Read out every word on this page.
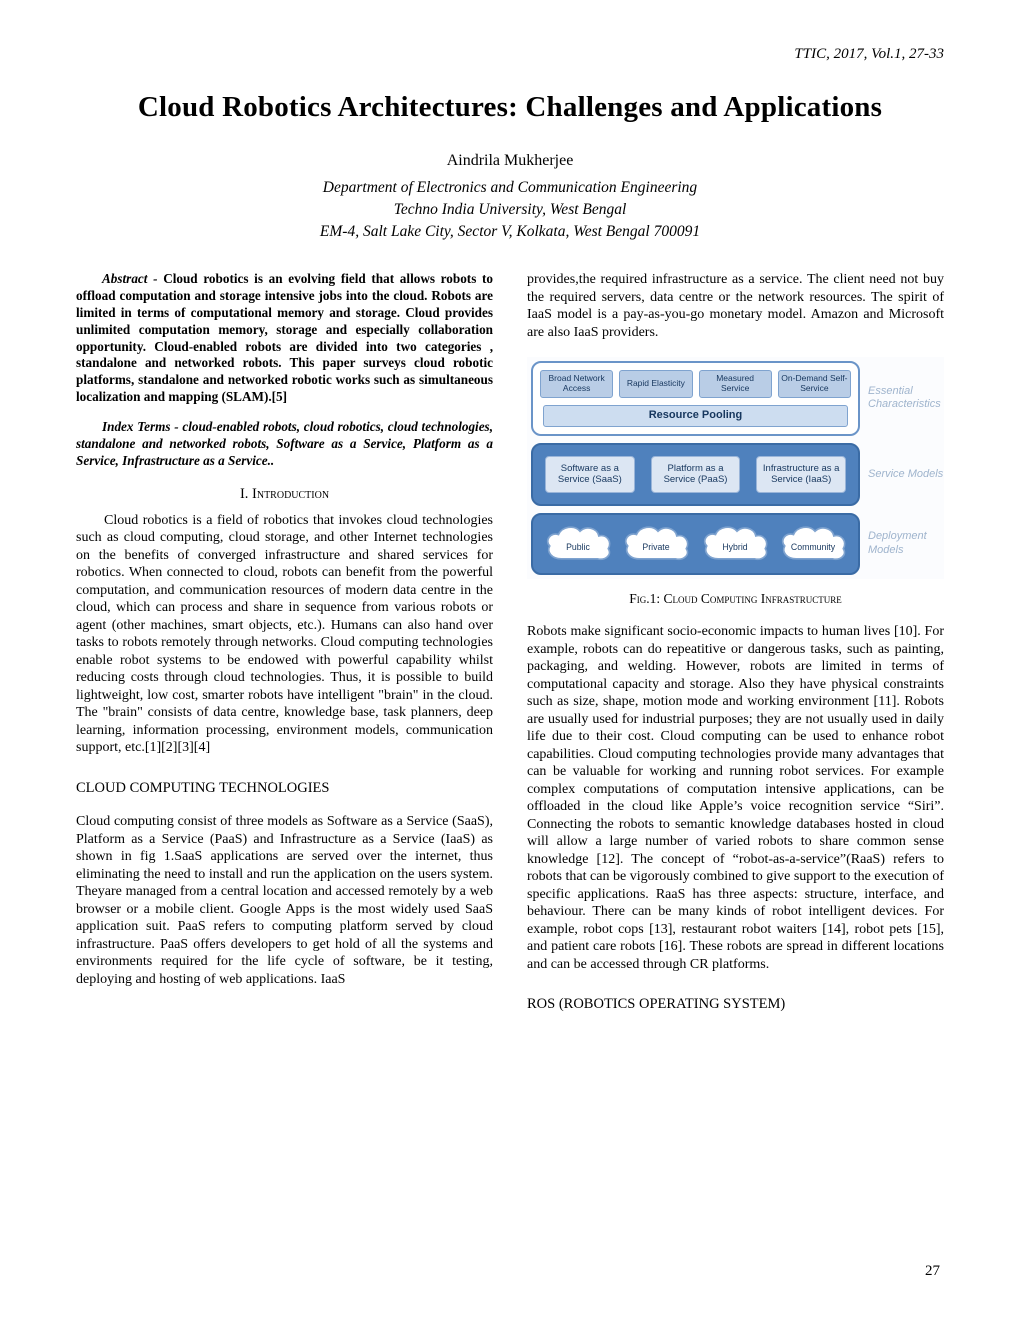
TTIC, 2017, Vol.1, 27-33
Cloud Robotics Architectures: Challenges and Applications
Aindrila Mukherjee
Department of Electronics and Communication Engineering
Techno India University, West Bengal
EM-4, Salt Lake City, Sector V, Kolkata, West Bengal 700091

Abstract - Cloud robotics is an evolving field that allows robots to offload computation and storage intensive jobs into the cloud. Robots are limited in terms of computational memory and storage. Cloud provides unlimited computation memory, storage and especially collaboration opportunity. Cloud-enabled robots are divided into two categories , standalone and networked robots. This paper surveys cloud robotic platforms, standalone and networked robotic works such as simultaneous localization and mapping (SLAM).[5]

Index Terms - cloud-enabled robots, cloud robotics, cloud technologies, standalone and networked robots, Software as a Service, Platform as a Service, Infrastructure as a Service..

I. Introduction

Cloud robotics is a field of robotics that invokes cloud technologies such as cloud computing, cloud storage, and other Internet technologies on the benefits of converged infrastructure and shared services for robotics. When connected to cloud, robots can benefit from the powerful computation, and communication resources of modern data centre in the cloud, which can process and share in sequence from various robots or agent (other machines, smart objects, etc.). Humans can also hand over tasks to robots remotely through networks. Cloud computing technologies enable robot systems to be endowed with powerful capability whilst reducing costs through cloud technologies. Thus, it is possible to build lightweight, low cost, smarter robots have intelligent "brain" in the cloud. The "brain" consists of data centre, knowledge base, task planners, deep learning, information processing, environment models, communication support, etc.[1][2][3][4]

CLOUD COMPUTING TECHNOLOGIES

Cloud computing consist of three models as Software as a Service (SaaS), Platform as a Service (PaaS) and Infrastructure as a Service (IaaS) as shown in fig 1.SaaS applications are served over the internet, thus eliminating the need to install and run the application on the users system. Theyare managed from a central location and accessed remotely by a web browser or a mobile client. Google Apps is the most widely used SaaS application suit. PaaS refers to computing platform served by cloud infrastructure. PaaS offers developers to get hold of all the systems and environments required for the life cycle of software, be it testing, deploying and hosting of web applications. IaaS

provides,the required infrastructure as a service. The client need not buy the required servers, data centre or the network resources. The spirit of IaaS model is a pay-as-you-go monetary model. Amazon and Microsoft are also IaaS providers.

Broad Network Access	Rapid Elasticity	Measured Service
On-Demand Self-Service
Resource Pooling
Essential Characteristics
Software as a Service (SaaS)
Platform as a Service (PaaS)
Infrastructure as a Service (IaaS)
Service Models
Public	Private	Hybrid	Community
Deployment Models
Fig.1: Cloud Computing Infrastructure

Robots make significant socio-economic impacts to human lives [10]. For example, robots can do repeatitive or dangerous tasks, such as painting, packaging, and welding. However, robots are limited in terms of computational capacity and storage. Also they have physical constraints such as size, shape, motion mode and working environment [11]. Robots are usually used for industrial purposes; they are not usually used in daily life due to their cost. Cloud computing can be used to enhance robot capabilities. Cloud computing technologies provide many advantages that can be valuable for working and running robot services. For example complex computations of computation intensive applications, can be offloaded in the cloud like Apple’s voice recognition service “Siri”. Connecting the robots to semantic knowledge databases hosted in cloud will allow a large number of varied robots to share common sense knowledge [12]. The concept of “robot-as-a-service”(RaaS) refers to robots that can be vigorously combined to give support to the execution of specific applications. RaaS has three aspects: structure, interface, and behaviour. There can be many kinds of robot intelligent devices. For example, robot cops [13], restaurant robot waiters [14], robot pets [15], and patient care robots [16]. These robots are spread in different locations and can be accessed through CR platforms.

ROS (ROBOTICS OPERATING SYSTEM)
27
